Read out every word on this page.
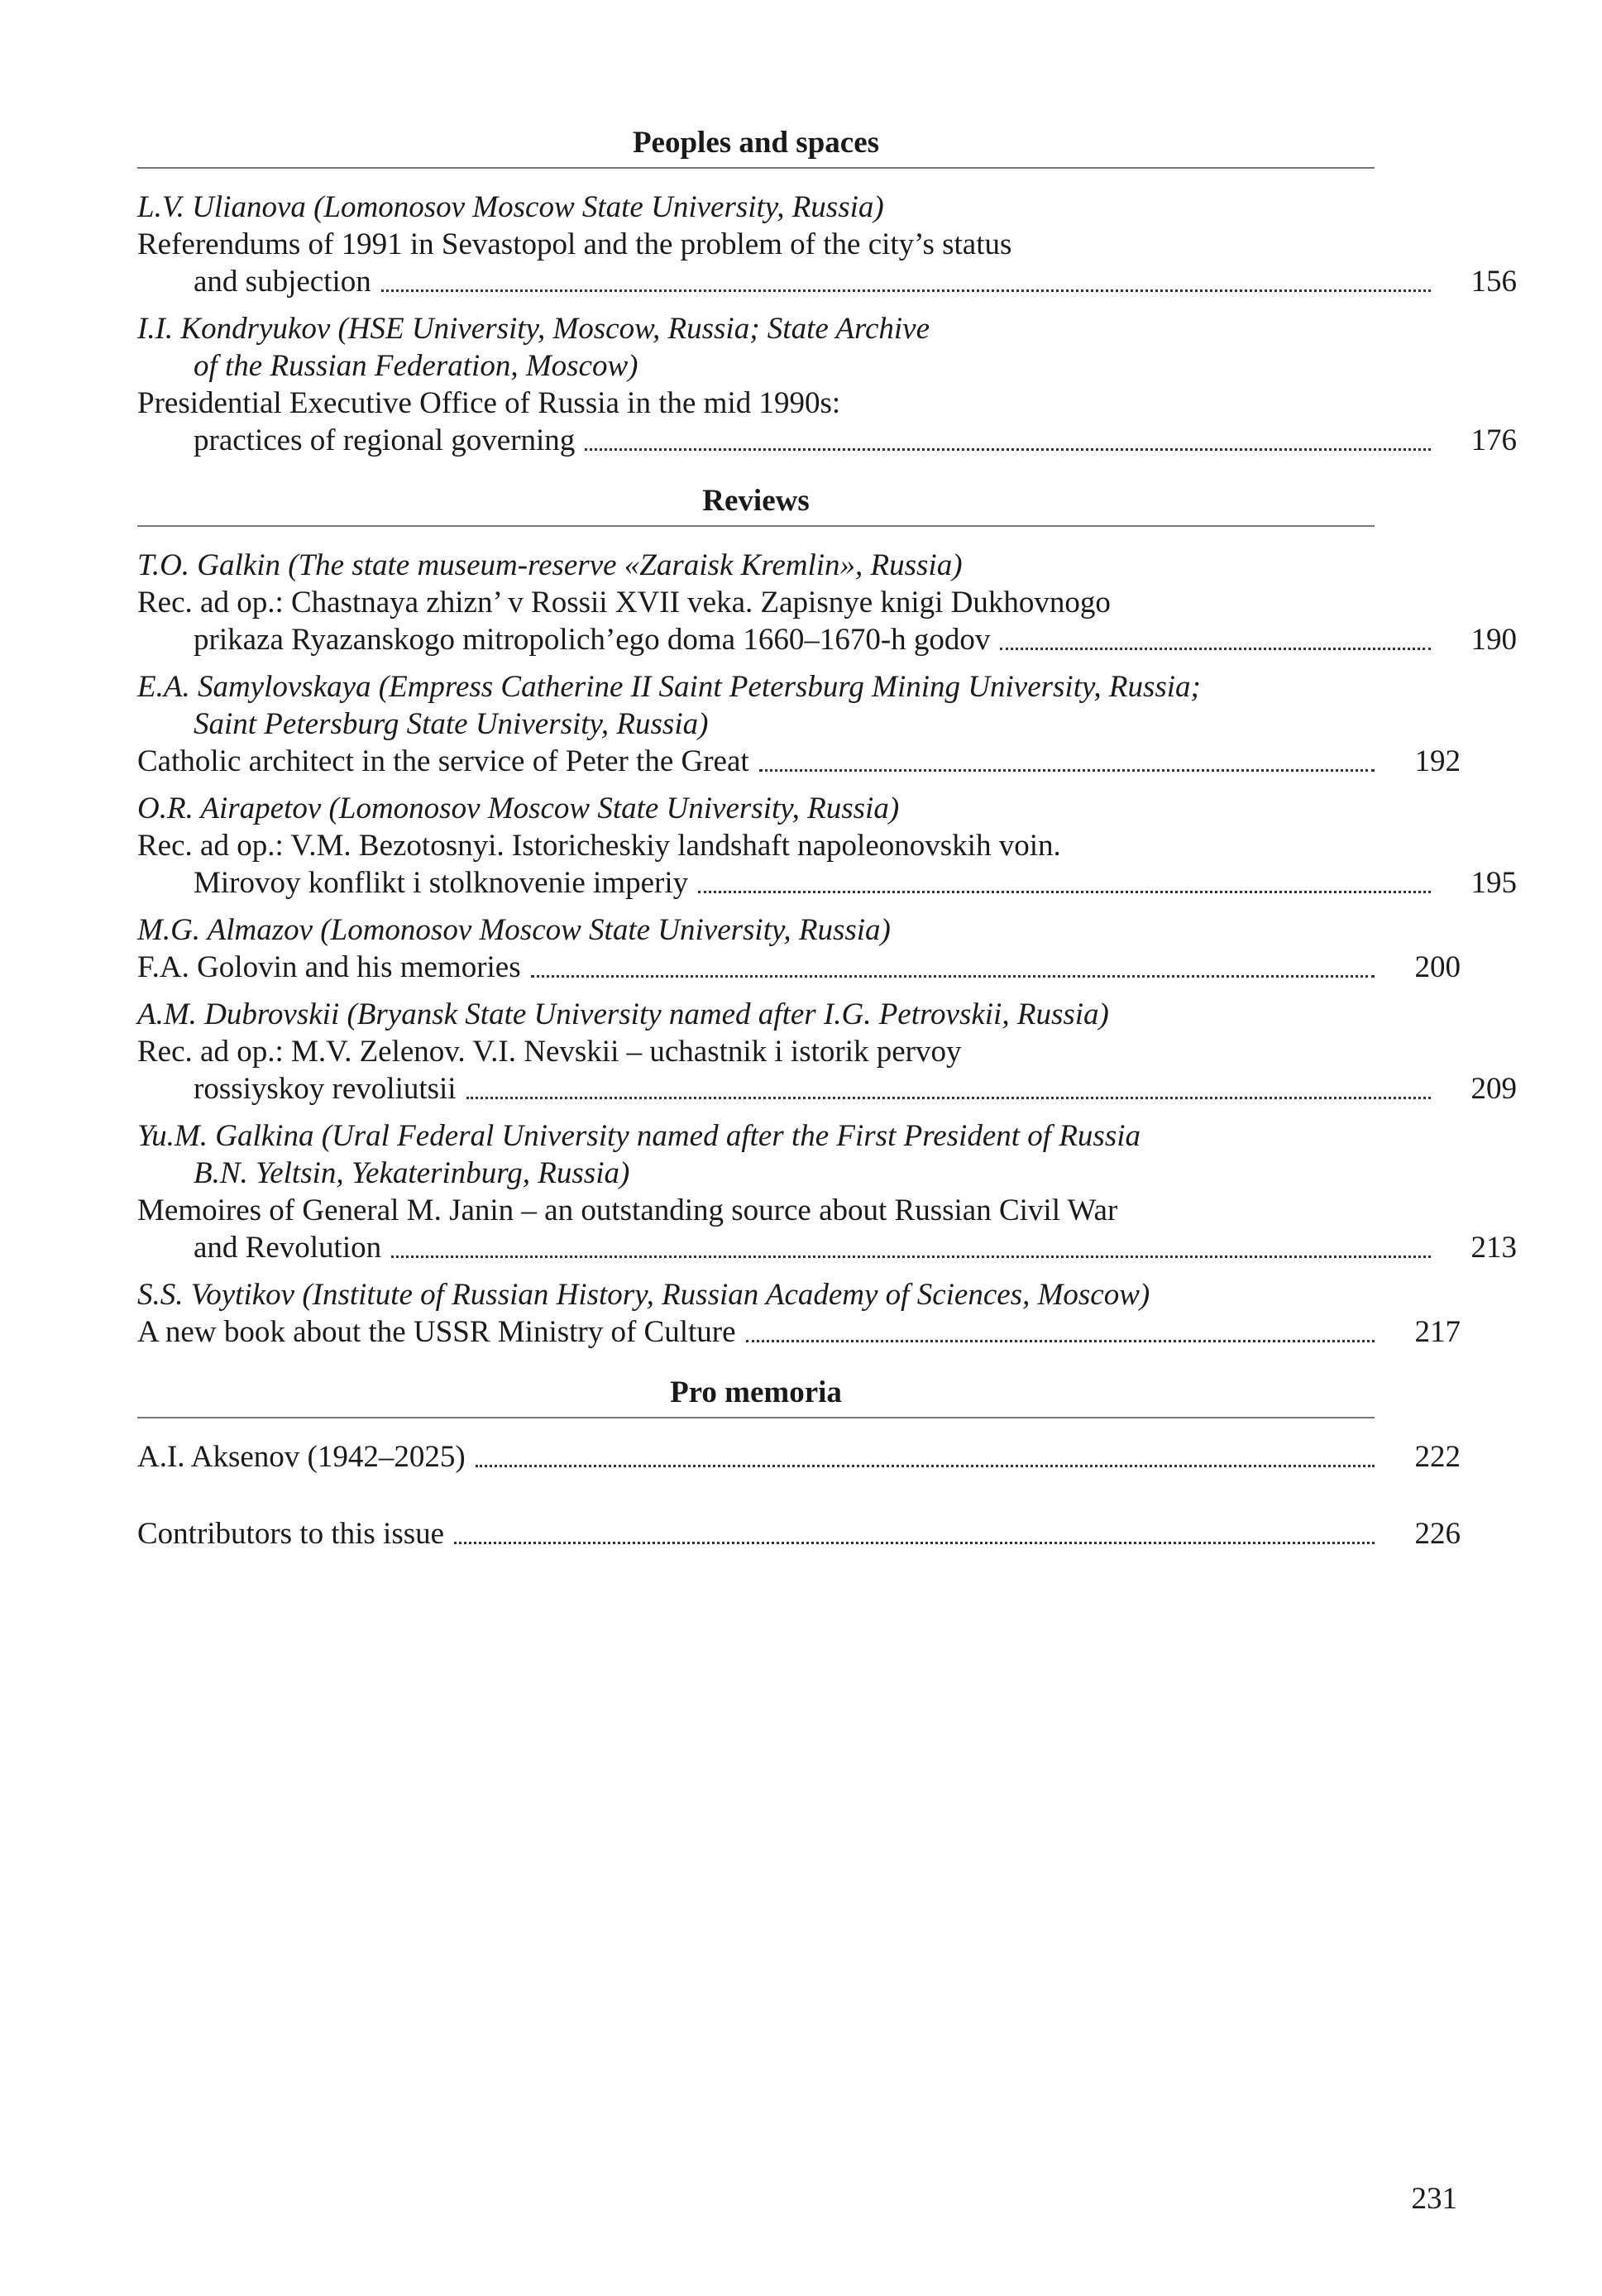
Peoples and spaces
L.V. Ulianova (Lomonosov Moscow State University, Russia)
Referendums of 1991 in Sevastopol and the problem of the city’s status
and subjection	156
I.I. Kondryukov (HSE University, Moscow, Russia; State Archive
of the Russian Federation, Moscow)
Presidential Executive Office of Russia in the mid 1990s:
practices of regional governing	176
Reviews
T.O. Galkin (The state museum-reserve «Zaraisk Kremlin», Russia)
Rec. ad op.: Chastnaya zhizn’ v Rossii XVII veka. Zapisnye knigi Dukhovnogo
prikaza Ryazanskogo mitropolich’ego doma 1660–1670-h godov	190
E.A. Samylovskaya (Empress Catherine II Saint Petersburg Mining University, Russia;
Saint Petersburg State University, Russia)
Catholic architect in the service of Peter the Great	192
O.R. Airapetov (Lomonosov Moscow State University, Russia)
Rec. ad op.: V.M. Bezotosnyi. Istoricheskiy landshaft napoleonovskih voin.
Mirovoy konflikt i stolknovenie imperiy	195
M.G. Almazov (Lomonosov Moscow State University, Russia)
F.A. Golovin and his memories	200
A.M. Dubrovskii (Bryansk State University named after I.G. Petrovskii, Russia)
Rec. ad op.: M.V. Zelenov. V.I. Nevskii – uchastnik i istorik pervoy
rossiyskoy revoliutsii	209
Yu.M. Galkina (Ural Federal University named after the First President of Russia
B.N. Yeltsin, Yekaterinburg, Russia)
Memoires of General M. Janin – an outstanding source about Russian Civil War
and Revolution	213
S.S. Voytikov (Institute of Russian History, Russian Academy of Sciences, Moscow)
A new book about the USSR Ministry of Culture	217
Pro memoria
A.I. Aksenov (1942–2025)	222
Contributors to this issue	226
231
